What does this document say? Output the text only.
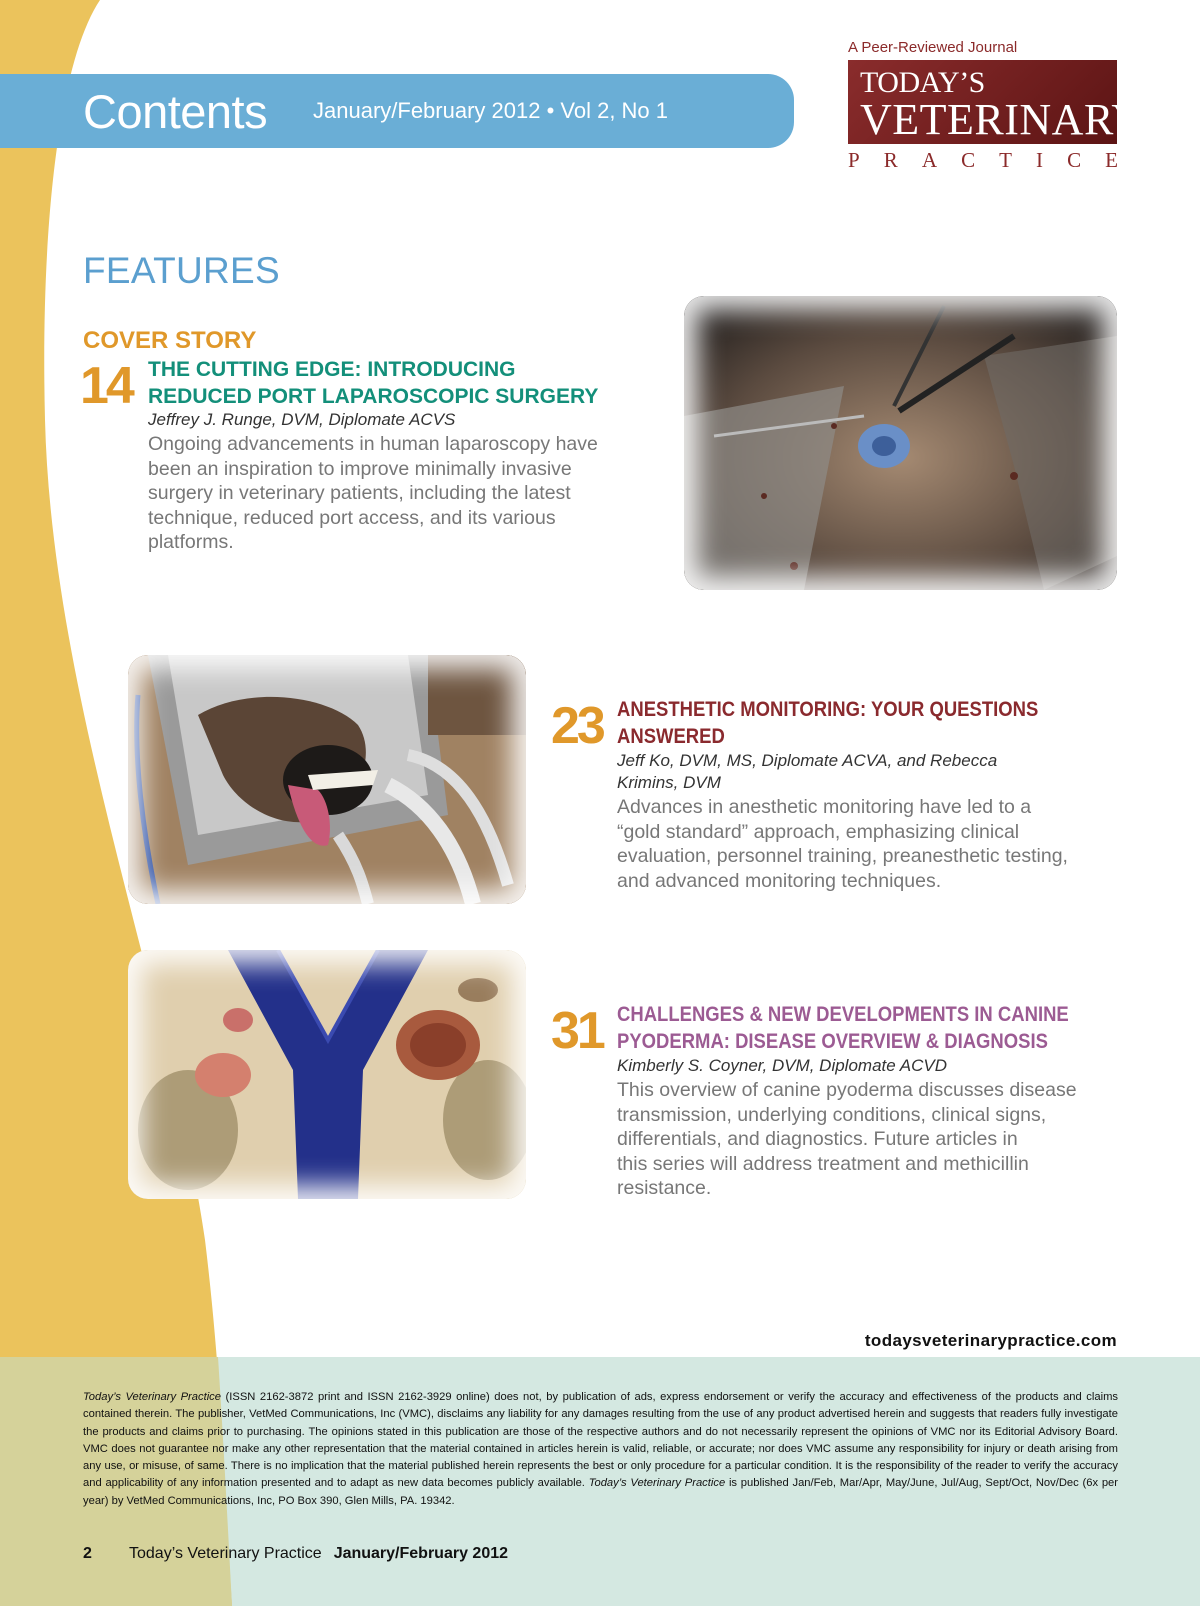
Contents January/February 2012 • Vol 2, No 1
A Peer-Reviewed Journal
TODAY’S
VETERINARY
P R A C T I C E
FEATURES
COVER STORY
14 THE CUTTING EDGE: INTRODUCING
REDUCED PORT LAPAROSCOPIC SURGERY
Jeffrey J. Runge, DVM, Diplomate ACVS
Ongoing advancements in human laparoscopy have
been an inspiration to improve minimally invasive
surgery in veterinary patients, including the latest
technique, reduced port access, and its various
platforms.
23 ANESTHETIC MONITORING: YOUR QUESTIONS
ANSWERED
Jeff Ko, DVM, MS, Diplomate ACVA, and Rebecca
Krimins, DVM
Advances in anesthetic monitoring have led to a
“gold standard” approach, emphasizing clinical
evaluation, personnel training, preanesthetic testing,
and advanced monitoring techniques.
31 CHALLENGES & NEW DEVELOPMENTS IN CANINE
PYODERMA: DISEASE OVERVIEW & DIAGNOSIS
Kimberly S. Coyner, DVM, Diplomate ACVD
This overview of canine pyoderma discusses disease
transmission, underlying conditions, clinical signs,
differentials, and diagnostics. Future articles in
this series will address treatment and methicillin
resistance.
todaysveterinarypractice.com
Today’s Veterinary Practice (ISSN 2162-3872 print and ISSN 2162-3929 online) does not, by publication of ads, express endorsement or verify the accuracy and effectiveness of the products and claims contained therein. The publisher, VetMed Communications, Inc (VMC), disclaims any liability for any damages resulting from the use of any product advertised herein and suggests that readers fully investigate the products and claims prior to purchasing. The opinions stated in this publication are those of the respective authors and do not necessarily represent the opinions of VMC nor its Editorial Advisory Board. VMC does not guarantee nor make any other representation that the material contained in articles herein is valid, reliable, or accurate; nor does VMC assume any responsibility for injury or death arising from any use, or misuse, of same. There is no implication that the material published herein represents the best or only procedure for a particular condition. It is the responsibility of the reader to verify the accuracy and applicability of any information presented and to adapt as new data becomes publicly available. Today’s Veterinary Practice is published Jan/Feb, Mar/Apr, May/June, Jul/Aug, Sept/Oct, Nov/Dec (6x per year) by VetMed Communications, Inc, PO Box 390, Glen Mills, PA. 19342.
2 Today’s Veterinary Practice January/February 2012
